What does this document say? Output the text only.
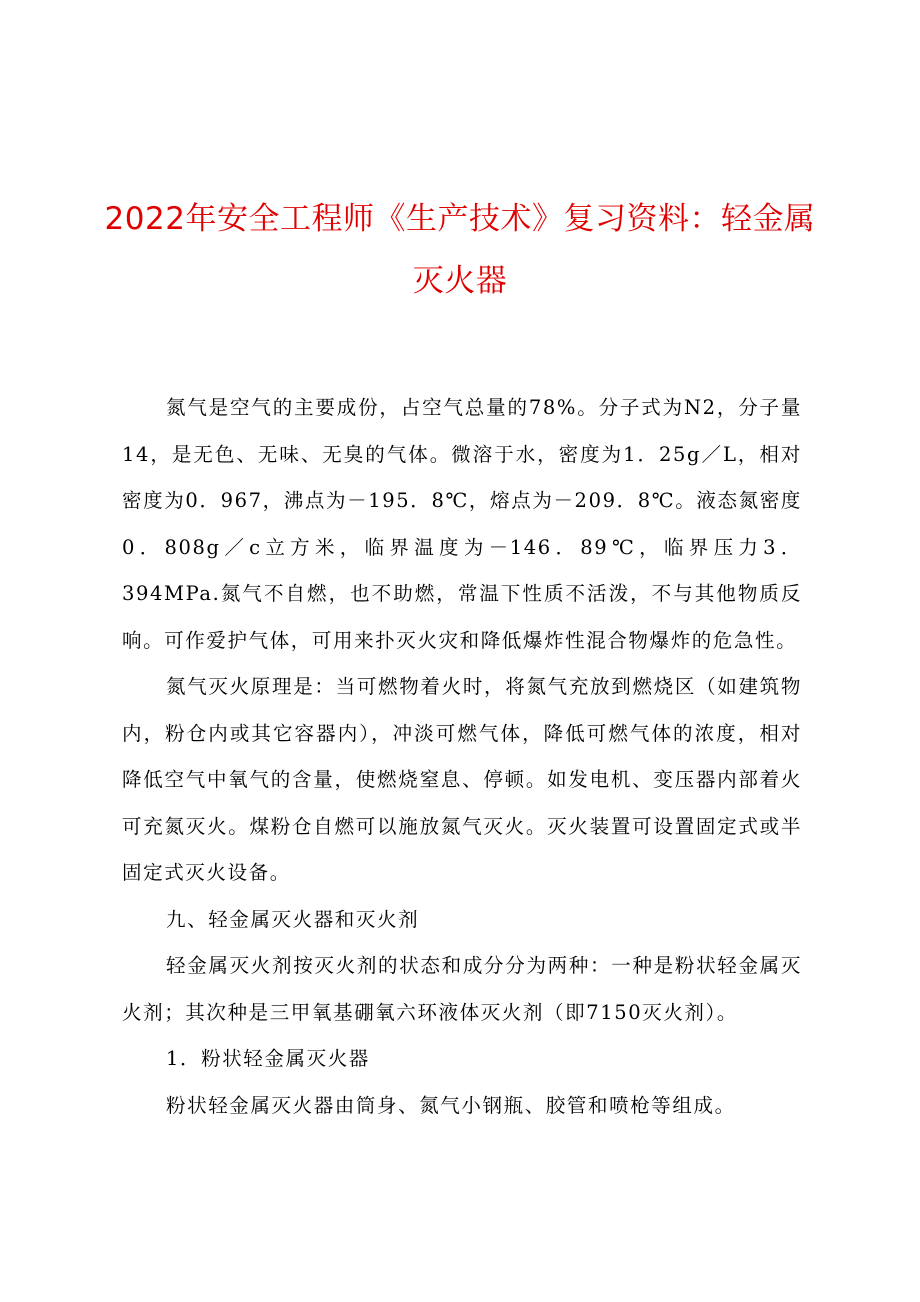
2022年安全工程师《生产技术》复习资料：轻金属灭火器

氮气是空气的主要成份，占空气总量的78%。分子式为N2，分子量14，是无色、无味、无臭的气体。微溶于水，密度为1．25g／L，相对密度为0．967，沸点为－195．8℃，熔点为－209．8℃。液态氮密度0．808g／c立方米，临界温度为－146．89℃，临界压力3．394MPa.氮气不自燃，也不助燃，常温下性质不活泼，不与其他物质反响。可作爱护气体，可用来扑灭火灾和降低爆炸性混合物爆炸的危急性。

氮气灭火原理是：当可燃物着火时，将氮气充放到燃烧区（如建筑物内，粉仓内或其它容器内），冲淡可燃气体，降低可燃气体的浓度，相对降低空气中氧气的含量，使燃烧窒息、停顿。如发电机、变压器内部着火可充氮灭火。煤粉仓自燃可以施放氮气灭火。灭火装置可设置固定式或半固定式灭火设备。

九、轻金属灭火器和灭火剂

轻金属灭火剂按灭火剂的状态和成分分为两种：一种是粉状轻金属灭火剂；其次种是三甲氧基硼氧六环液体灭火剂（即7150灭火剂）。

1．粉状轻金属灭火器

粉状轻金属灭火器由筒身、氮气小钢瓶、胶管和喷枪等组成。
